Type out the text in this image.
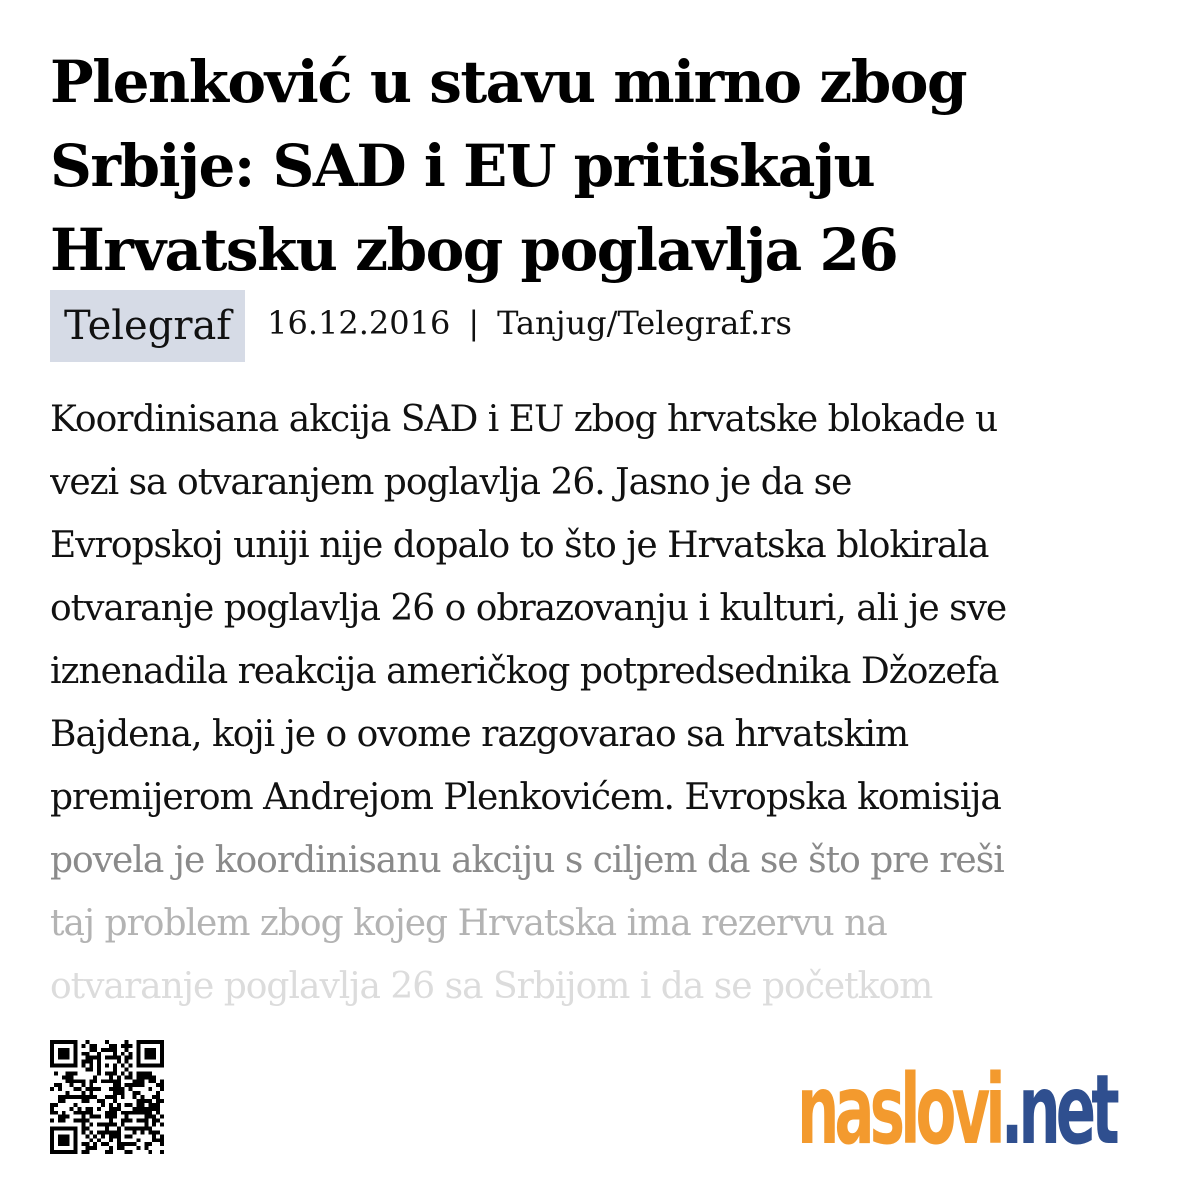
Plenković u stavu mirno zbog
Srbije: SAD i EU pritiskaju
Hrvatsku zbog poglavlja 26
Telegraf	16.12.2016 | Tanjug/Telegraf.rs
Koordinisana akcija SAD i EU zbog hrvatske blokade u
vezi sa otvaranjem poglavlja 26. Jasno je da se
Evropskoj uniji nije dopalo to što je Hrvatska blokirala
otvaranje poglavlja 26 o obrazovanju i kulturi, ali je sve
iznenadila reakcija američkog potpredsednika Džozefa
Bajdena, koji je o ovome razgovarao sa hrvatskim
premijerom Andrejom Plenkovićem. Evropska komisija
povela je koordinisanu akciju s ciljem da se što pre reši
taj problem zbog kojeg Hrvatska ima rezervu na
otvaranje poglavlja 26 sa Srbijom i da se početkom
naslovi.net
